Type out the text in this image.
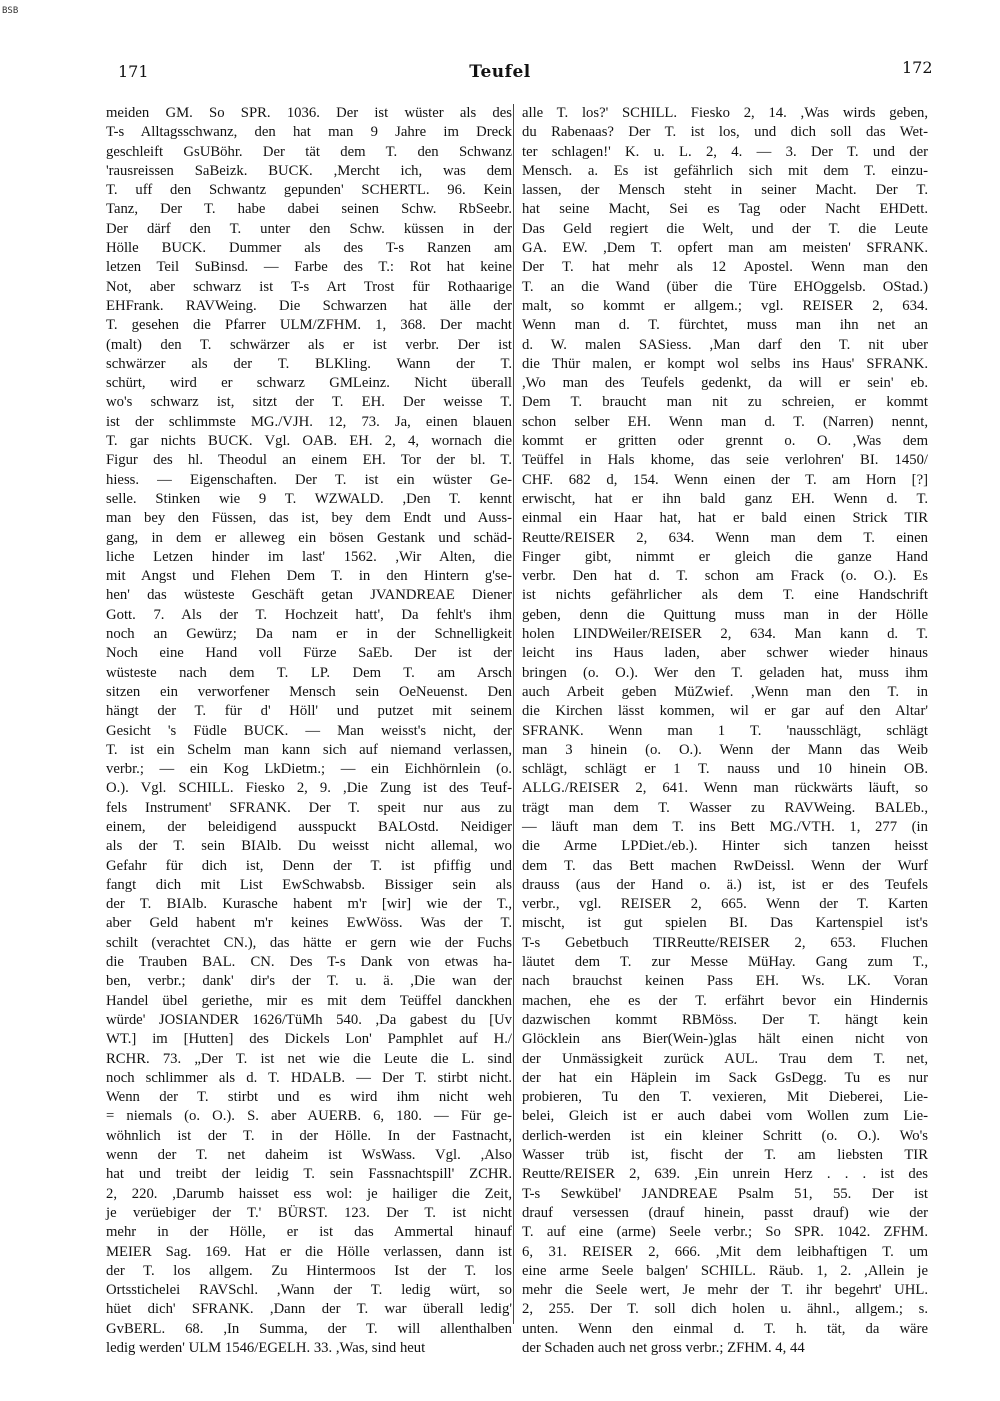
BSB
171	Teufel	172
meiden GM. So SPR. 1036. Der ist wüster als des
T-s Alltagsschwanz, den hat man 9 Jahre im Dreck
geschleift GsUBöhr. Der tät dem T. den Schwanz
'rausreissen SaBeizk. BUCK. ,Mercht ich, was dem
T. uff den Schwantz gepunden' SCHERTL. 96. Kein
Tanz, Der T. habe dabei seinen Schw. RbSeebr.
Der därf den T. unter den Schw. küssen in der
Hölle BUCK. Dummer als des T-s Ranzen am
letzen Teil SuBinsd. — Farbe des T.: Rot hat keine
Not, aber schwarz ist T-s Art Trost für Rothaarige
EHFrank. RAVWeing. Die Schwarzen hat älle der
T. gesehen die Pfarrer ULM/ZFHM. 1, 368. Der macht
(malt) den T. schwärzer als er ist verbr. Der ist
schwärzer als der T. BLKling. Wann der T.
schürt, wird er schwarz GMLeinz. Nicht überall
wo's schwarz ist, sitzt der T. EH. Der weisse T.
ist der schlimmste MG./VJH. 12, 73. Ja, einen blauen
T. gar nichts BUCK. Vgl. OAB. EH. 2, 4, wornach die
Figur des hl. Theodul an einem EH. Tor der bl. T.
hiess. — Eigenschaften. Der T. ist ein wüster Ge-
selle. Stinken wie 9 T. WZWALD. ,Den T. kennt
man bey den Füssen, das ist, bey dem Endt und Auss-
gang, in dem er alleweg ein bösen Gestank und schäd-
liche Letzen hinder im last' 1562. ,Wir Alten, die
mit Angst und Flehen Dem T. in den Hintern g'se-
hen' das wüsteste Geschäft getan JVANDREAE Diener
Gott. 7. Als der T. Hochzeit hatt', Da fehlt's ihm
noch an Gewürz; Da nam er in der Schnelligkeit
Noch eine Hand voll Fürze SaEb. Der ist der
wüsteste nach dem T. LP. Dem T. am Arsch
sitzen ein verworfener Mensch sein OeNeuenst. Den
hängt der T. für d' Höll' und putzet mit seinem
Gesicht 's Füdle BUCK. — Man weisst's nicht, der
T. ist ein Schelm man kann sich auf niemand verlassen,
verbr.; — ein Kog LkDietm.; — ein Eichhörnlein (o.
O.). Vgl. SCHILL. Fiesko 2, 9. ,Die Zung ist des Teuf-
fels Instrument' SFRANK. Der T. speit nur aus zu
einem, der beleidigend ausspuckt BALOstd. Neidiger
als der T. sein BIAlb. Du weisst nicht allemal, wo
Gefahr für dich ist, Denn der T. ist pfiffig und
fangt dich mit List EwSchwabsb. Bissiger sein als
der T. BIAlb. Kurasche habent m'r [wir] wie der T.,
aber Geld habent m'r keines EwWöss. Was der T.
schilt (verachtet CN.), das hätte er gern wie der Fuchs
die Trauben BAL. CN. Des T-s Dank von etwas ha-
ben, verbr.; dank' dir's der T. u. ä. ,Die wan der
Handel übel geriethe, mir es mit dem Teüffel danckhen
würde' JOSIANDER 1626/TüMh 540. ,Da gabest du [Uv
WT.] im [Hutten] des Dickels Lon' Pamphlet auf H./
RCHR. 73. „Der T. ist net wie die Leute die L. sind
noch schlimmer als d. T. HDALB. — Der T. stirbt nicht.
Wenn der T. stirbt und es wird ihm nicht weh
= niemals (o. O.). S. aber AUERB. 6, 180. — Für ge-
wöhnlich ist der T. in der Hölle. In der Fastnacht,
wenn der T. net daheim ist WsWass. Vgl. ,Also
hat und treibt der leidig T. sein Fassnachtspill' ZCHR.
2, 220. ,Darumb haisset ess wol: je hailiger die Zeit,
je verüebiger der T.' BÜRST. 123. Der T. ist nicht
mehr in der Hölle, er ist das Ammertal hinauf
MEIER Sag. 169. Hat er die Hölle verlassen, dann ist
der T. los allgem. Zu Hintermoos Ist der T. los
Ortsstichelei RAVSchl. ,Wann der T. ledig würt, so
hüet dich' SFRANK. ,Dann der T. war überall ledig'
GvBERL. 68. ,In Summa, der T. will allenthalben
ledig werden' ULM 1546/EGELH. 33. ,Was, sind heut
alle T. los?' SCHILL. Fiesko 2, 14. ,Was wirds geben,
du Rabenaas? Der T. ist los, und dich soll das Wet-
ter schlagen!' K. u. L. 2, 4. — 3. Der T. und der
Mensch. a. Es ist gefährlich sich mit dem T. einzu-
lassen, der Mensch steht in seiner Macht. Der T.
hat seine Macht, Sei es Tag oder Nacht EHDett.
Das Geld regiert die Welt, und der T. die Leute
GA. EW. ,Dem T. opfert man am meisten' SFRANK.
Der T. hat mehr als 12 Apostel. Wenn man den
T. an die Wand (über die Türe EHOggelsb. OStad.)
malt, so kommt er allgem.; vgl. REISER 2, 634.
Wenn man d. T. fürchtet, muss man ihn net an
d. W. malen SASiess. ,Man darf den T. nit uber
die Thür malen, er kompt wol selbs ins Haus' SFRANK.
,Wo man des Teufels gedenkt, da will er sein' eb.
Dem T. braucht man nit zu schreien, er kommt
schon selber EH. Wenn man d. T. (Narren) nennt,
kommt er gritten oder grennt o. O. ,Was dem
Teüffel in Hals khome, das seie verlohren' BI. 1450/
CHF. 682 d, 154. Wenn einen der T. am Horn [?]
erwischt, hat er ihn bald ganz EH. Wenn d. T.
einmal ein Haar hat, hat er bald einen Strick TIR
Reutte/REISER 2, 634. Wenn man dem T. einen
Finger gibt, nimmt er gleich die ganze Hand
verbr. Den hat d. T. schon am Frack (o. O.). Es
ist nichts gefährlicher als dem T. eine Handschrift
geben, denn die Quittung muss man in der Hölle
holen LINDWeiler/REISER 2, 634. Man kann d. T.
leicht ins Haus laden, aber schwer wieder hinaus
bringen (o. O.). Wer den T. geladen hat, muss ihm
auch Arbeit geben MüZwief. ,Wenn man den T. in
die Kirchen lässt kommen, wil er gar auf den Altar'
SFRANK. Wenn man 1 T. 'nausschlägt, schlägt
man 3 hinein (o. O.). Wenn der Mann das Weib
schlägt, schlägt er 1 T. nauss und 10 hinein OB.
ALLG./REISER 2, 641. Wenn man rückwärts läuft, so
trägt man dem T. Wasser zu RAVWeing. BALEb.,
— läuft man dem T. ins Bett MG./VTH. 1, 277 (in
die Arme LPDiet./eb.). Hinter sich tanzen heisst
dem T. das Bett machen RwDeissl. Wenn der Wurf
drauss (aus der Hand o. ä.) ist, ist er des Teufels
verbr., vgl. REISER 2, 665. Wenn der T. Karten
mischt, ist gut spielen BI. Das Kartenspiel ist's
T-s Gebetbuch TIRReutte/REISER 2, 653. Fluchen
läutet dem T. zur Messe MüHay. Gang zum T.,
nach brauchst keinen Pass EH. Ws. LK. Voran
machen, ehe es der T. erfährt bevor ein Hindernis
dazwischen kommt RBMöss. Der T. hängt kein
Glöcklein ans Bier(Wein-)glas hält einen nicht von
der Unmässigkeit zurück AUL. Trau dem T. net,
der hat ein Häplein im Sack GsDegg. Tu es nur
probieren, Tu den T. vexieren, Mit Dieberei, Lie-
belei, Gleich ist er auch dabei vom Wollen zum Lie-
derlich-werden ist ein kleiner Schritt (o. O.). Wo's
Wasser trüb ist, fischt der T. am liebsten TIR
Reutte/REISER 2, 639. ,Ein unrein Herz . . . ist des
T-s Sewkübel' JANDREAE Psalm 51, 55. Der ist
drauf versessen (drauf hinein, passt drauf) wie der
T. auf eine (arme) Seele verbr.; So SPR. 1042. ZFHM.
6, 31. REISER 2, 666. ,Mit dem leibhaftigen T. um
eine arme Seele balgen' SCHILL. Räub. 1, 2. ,Allein je
mehr die Seele wert, Je mehr der T. ihr begehrt' UHL.
2, 255. Der T. soll dich holen u. ähnl., allgem.; s.
unten. Wenn den einmal d. T. h. tät, da wäre
der Schaden auch net gross verbr.; ZFHM. 4, 44
